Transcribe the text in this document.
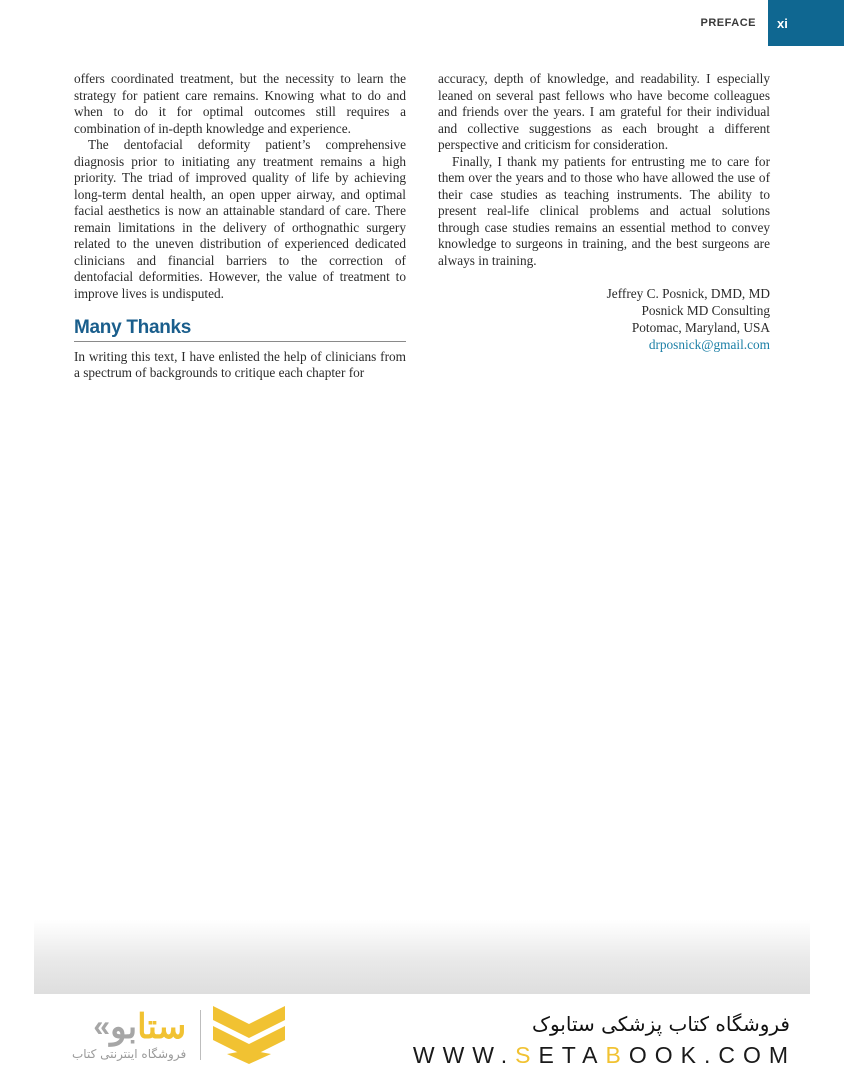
PREFACE	xi

offers coordinated treatment, but the necessity to learn the strategy for patient care remains. Knowing what to do and when to do it for optimal outcomes still requires a combination of in-depth knowledge and experience.

The dentofacial deformity patient’s comprehensive diagnosis prior to initiating any treatment remains a high priority. The triad of improved quality of life by achieving long-term dental health, an open upper airway, and optimal facial aesthetics is now an attainable standard of care. There remain limitations in the delivery of orthognathic surgery related to the uneven distribution of experienced dedicated clinicians and financial barriers to the correction of dentofacial deformities. However, the value of treatment to improve lives is undisputed.

Many Thanks

In writing this text, I have enlisted the help of clinicians from a spectrum of backgrounds to critique each chapter for

accuracy, depth of knowledge, and readability. I especially leaned on several past fellows who have become colleagues and friends over the years. I am grateful for their individual and collective suggestions as each brought a different perspective and criticism for consideration.

Finally, I thank my patients for entrusting me to care for them over the years and to those who have allowed the use of their case studies as teaching instruments. The ability to present real-life clinical problems and actual solutions through case studies remains an essential method to convey knowledge to surgeons in training, and the best surgeons are always in training.

Jeffrey C. Posnick, DMD, MD
Posnick MD Consulting
Potomac, Maryland, USA
drposnick@gmail.com
« بو ستا
فروشگاه اینترنتی کتاب
فروشگاه کتاب پزشکی ستابوک
WWW.SETABOOK.COM
